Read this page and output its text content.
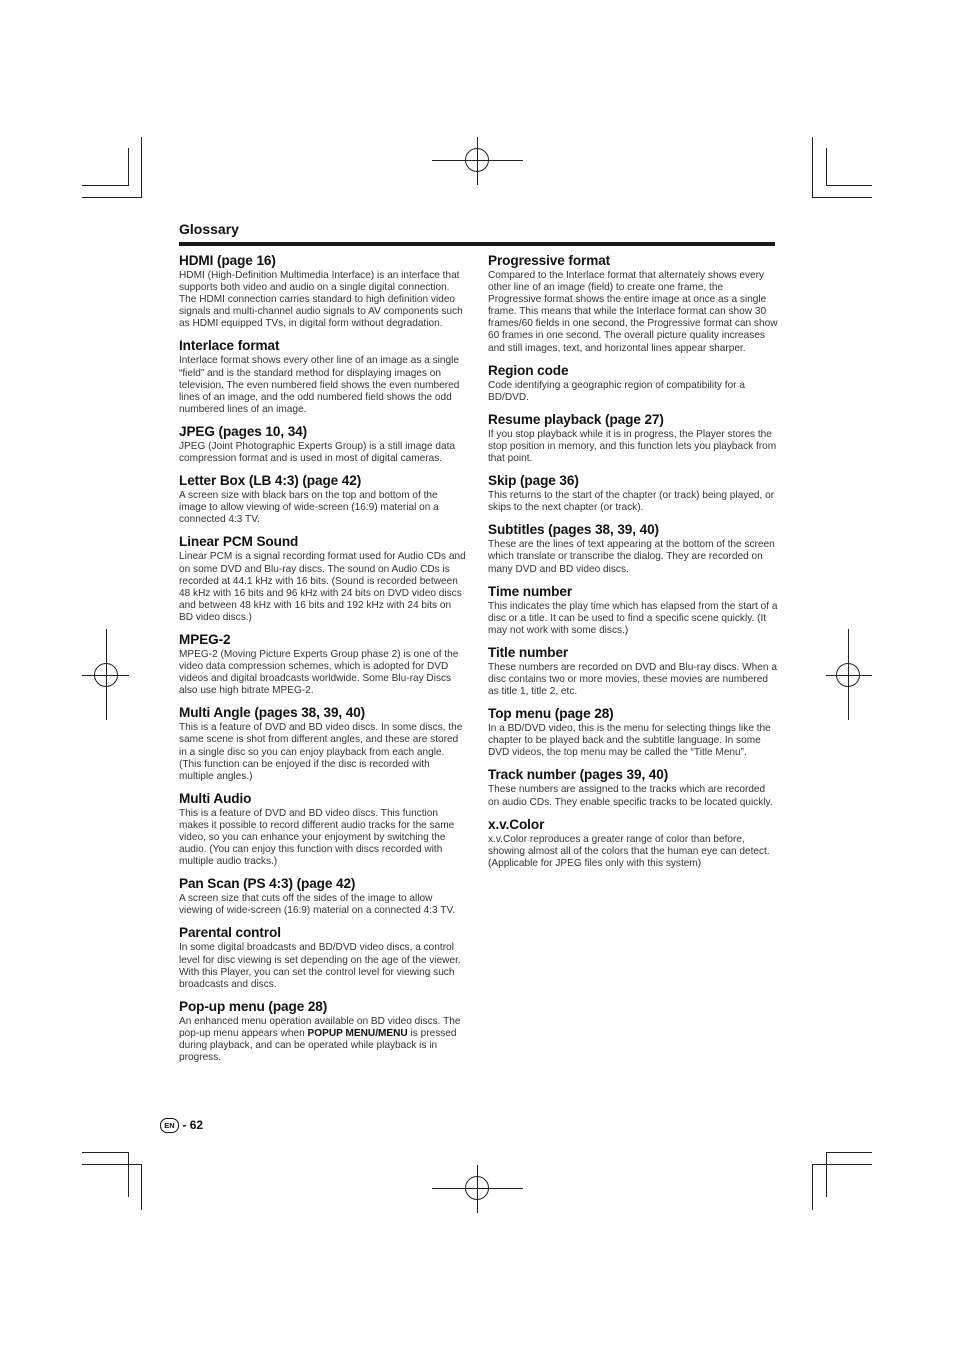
Glossary
HDMI (page 16)

HDMI (High-Definition Multimedia Interface) is an interface that supports both video and audio on a single digital connection. The HDMI connection carries standard to high definition video signals and multi-channel audio signals to AV components such as HDMI equipped TVs, in digital form without degradation.

Interlace format

Interlace format shows every other line of an image as a single “field” and is the standard method for displaying images on television. The even numbered field shows the even numbered lines of an image, and the odd numbered field shows the odd numbered lines of an image.

JPEG (pages 10, 34)

JPEG (Joint Photographic Experts Group) is a still image data compression format and is used in most of digital cameras.

Letter Box (LB 4:3) (page 42)

A screen size with black bars on the top and bottom of the image to allow viewing of wide-screen (16:9) material on a connected 4:3 TV.

Linear PCM Sound

Linear PCM is a signal recording format used for Audio CDs and on some DVD and Blu-ray discs. The sound on Audio CDs is recorded at 44.1 kHz with 16 bits. (Sound is recorded between 48 kHz with 16 bits and 96 kHz with 24 bits on DVD video discs and between 48 kHz with 16 bits and 192 kHz with 24 bits on BD video discs.)

MPEG-2

MPEG-2 (Moving Picture Experts Group phase 2) is one of the video data compression schemes, which is adopted for DVD videos and digital broadcasts worldwide. Some Blu-ray Discs also use high bitrate MPEG-2.

Multi Angle (pages 38, 39, 40)

This is a feature of DVD and BD video discs. In some discs, the same scene is shot from different angles, and these are stored in a single disc so you can enjoy playback from each angle. (This function can be enjoyed if the disc is recorded with multiple angles.)

Multi Audio

This is a feature of DVD and BD video discs. This function makes it possible to record different audio tracks for the same video, so you can enhance your enjoyment by switching the audio. (You can enjoy this function with discs recorded with multiple audio tracks.)

Pan Scan (PS 4:3) (page 42)

A screen size that cuts off the sides of the image to allow viewing of wide-screen (16:9) material on a connected 4:3 TV.

Parental control

In some digital broadcasts and BD/DVD video discs, a control level for disc viewing is set depending on the age of the viewer. With this Player, you can set the control level for viewing such broadcasts and discs.

Pop-up menu (page 28)

An enhanced menu operation available on BD video discs. The pop-up menu appears when POPUP MENU/MENU is pressed during playback, and can be operated while playback is in progress.

Progressive format

Compared to the Interlace format that alternately shows every other line of an image (field) to create one frame, the Progressive format shows the entire image at once as a single frame. This means that while the Interlace format can show 30 frames/60 fields in one second, the Progressive format can show 60 frames in one second. The overall picture quality increases and still images, text, and horizontal lines appear sharper.

Region code

Code identifying a geographic region of compatibility for a BD/DVD.

Resume playback (page 27)

If you stop playback while it is in progress, the Player stores the stop position in memory, and this function lets you playback from that point.

Skip (page 36)

This returns to the start of the chapter (or track) being played, or skips to the next chapter (or track).

Subtitles (pages 38, 39, 40)

These are the lines of text appearing at the bottom of the screen which translate or transcribe the dialog. They are recorded on many DVD and BD video discs.

Time number

This indicates the play time which has elapsed from the start of a disc or a title. It can be used to find a specific scene quickly. (It may not work with some discs.)

Title number

These numbers are recorded on DVD and Blu-ray discs. When a disc contains two or more movies, these movies are numbered as title 1, title 2, etc.

Top menu (page 28)

In a BD/DVD video, this is the menu for selecting things like the chapter to be played back and the subtitle language. In some DVD videos, the top menu may be called the “Title Menu”.

Track number (pages 39, 40)

These numbers are assigned to the tracks which are recorded on audio CDs. They enable specific tracks to be located quickly.

x.v.Color

x.v.Color reproduces a greater range of color than before, showing almost all of the colors that the human eye can detect. (Applicable for JPEG files only with this system)

EN - 62
